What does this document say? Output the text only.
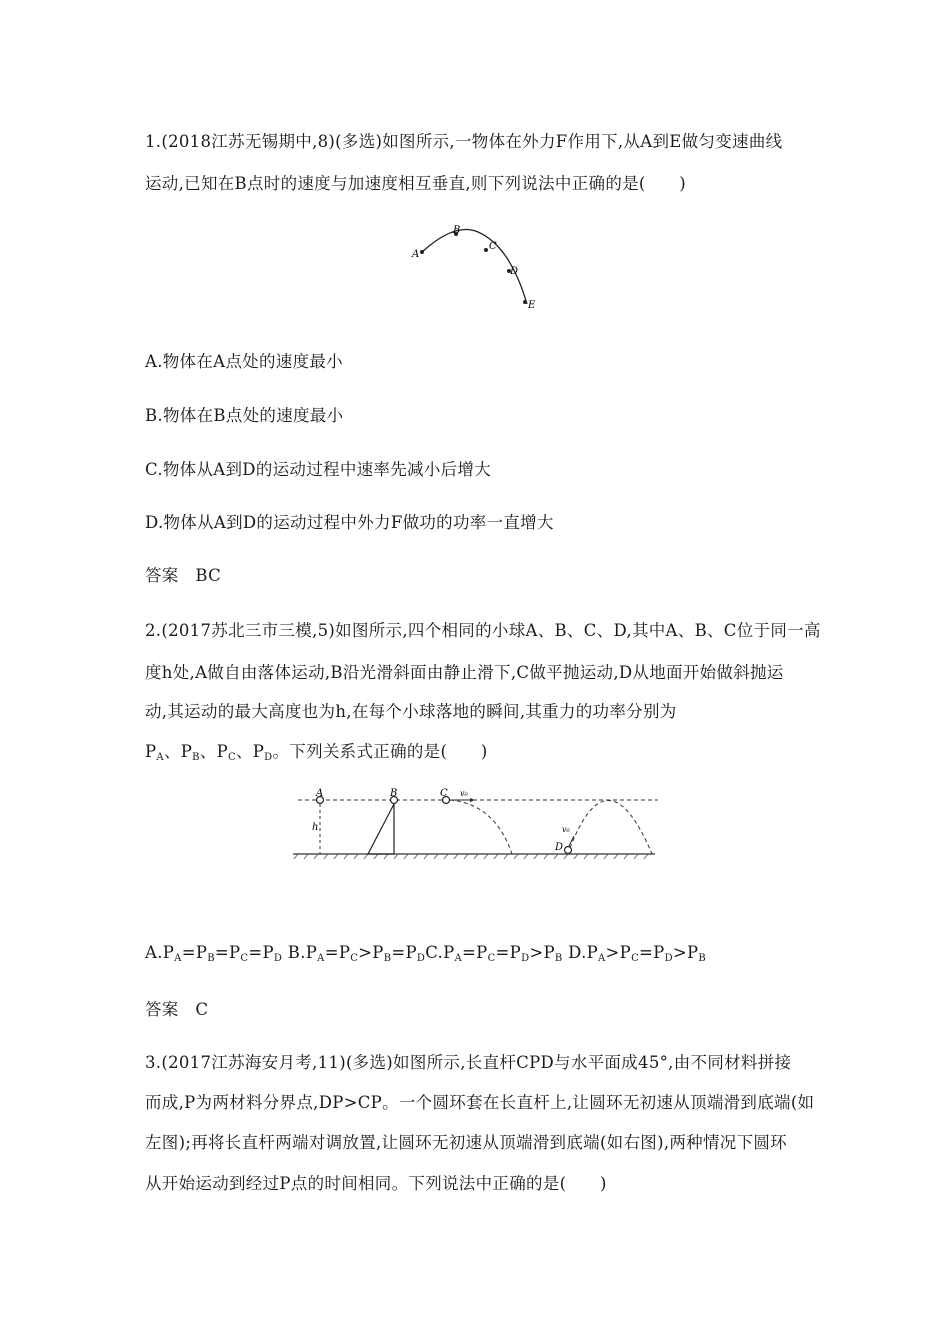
1.(2018江苏无锡期中,8)(多选)如图所示,一物体在外力F作用下,从A到E做匀变速曲线
运动,已知在B点时的速度与加速度相互垂直,则下列说法中正确的是(　　)
A
B
C
D
E
A.物体在A点处的速度最小
B.物体在B点处的速度最小
C.物体从A到D的运动过程中速率先减小后增大
D.物体从A到D的运动过程中外力F做功的功率一直增大
答案　BC
2.(2017苏北三市三模,5)如图所示,四个相同的小球A、B、C、D,其中A、B、C位于同一高
度h处,A做自由落体运动,B沿光滑斜面由静止滑下,C做平抛运动,D从地面开始做斜抛运
动,其运动的最大高度也为h,在每个小球落地的瞬间,其重力的功率分别为
$P_A$、$P_B$、$P_C$、$P_D$。下列关系式正确的是(　　)
A
h
B	C v₀
D
v₀
$A.P_A=P_B=P_C=P_D$ $B.P_A=P_C>P_B=P_DC.P_A=P_C=P_D>P_B$ $D.P_A>P_C=P_D>P_B$
答案　C
3.(2017江苏海安月考,11)(多选)如图所示,长直杆CPD与水平面成45°,由不同材料拼接
而成,P为两材料分界点,DP>CP。一个圆环套在长直杆上,让圆环无初速从顶端滑到底端(如
左图);再将长直杆两端对调放置,让圆环无初速从顶端滑到底端(如右图),两种情况下圆环
从开始运动到经过P点的时间相同。下列说法中正确的是(　　)
